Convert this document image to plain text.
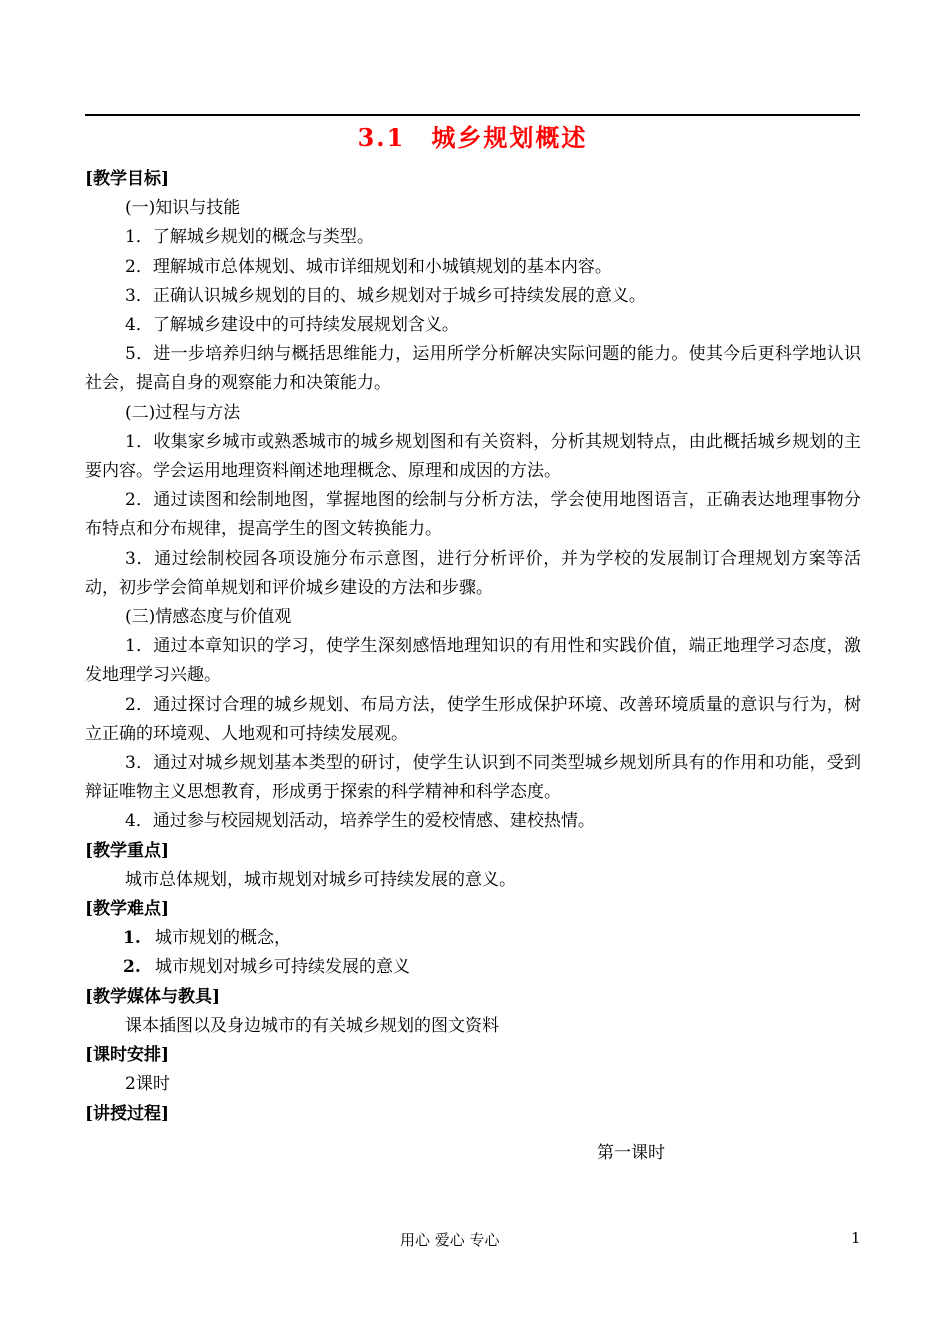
3.1 城乡规划概述

[教学目标]

(一)知识与技能

1．了解城乡规划的概念与类型。

2．理解城市总体规划、城市详细规划和小城镇规划的基本内容。

3．正确认识城乡规划的目的、城乡规划对于城乡可持续发展的意义。

4．了解城乡建设中的可持续发展规划含义。

5．进一步培养归纳与概括思维能力，运用所学分析解决实际问题的能力。使其今后更科学地认识社会，提高自身的观察能力和决策能力。

(二)过程与方法

1．收集家乡城市或熟悉城市的城乡规划图和有关资料，分析其规划特点，由此概括城乡规划的主要内容。学会运用地理资料阐述地理概念、原理和成因的方法。

2．通过读图和绘制地图，掌握地图的绘制与分析方法，学会使用地图语言，正确表达地理事物分布特点和分布规律，提高学生的图文转换能力。

3．通过绘制校园各项设施分布示意图，进行分析评价，并为学校的发展制订合理规划方案等活动，初步学会简单规划和评价城乡建设的方法和步骤。

(三)情感态度与价值观

1．通过本章知识的学习，使学生深刻感悟地理知识的有用性和实践价值，端正地理学习态度，激发地理学习兴趣。

2．通过探讨合理的城乡规划、布局方法，使学生形成保护环境、改善环境质量的意识与行为，树立正确的环境观、人地观和可持续发展观。

3．通过对城乡规划基本类型的研讨，使学生认识到不同类型城乡规划所具有的作用和功能，受到辩证唯物主义思想教育，形成勇于探索的科学精神和科学态度。

4．通过参与校园规划活动，培养学生的爱校情感、建校热情。

[教学重点]

城市总体规划，城市规划对城乡可持续发展的意义。

[教学难点]

1. 城市规划的概念，

2. 城市规划对城乡可持续发展的意义

[教学媒体与教具]

课本插图以及身边城市的有关城乡规划的图文资料

[课时安排]

2课时

[讲授过程]

第一课时
用心 爱心 专心	1
